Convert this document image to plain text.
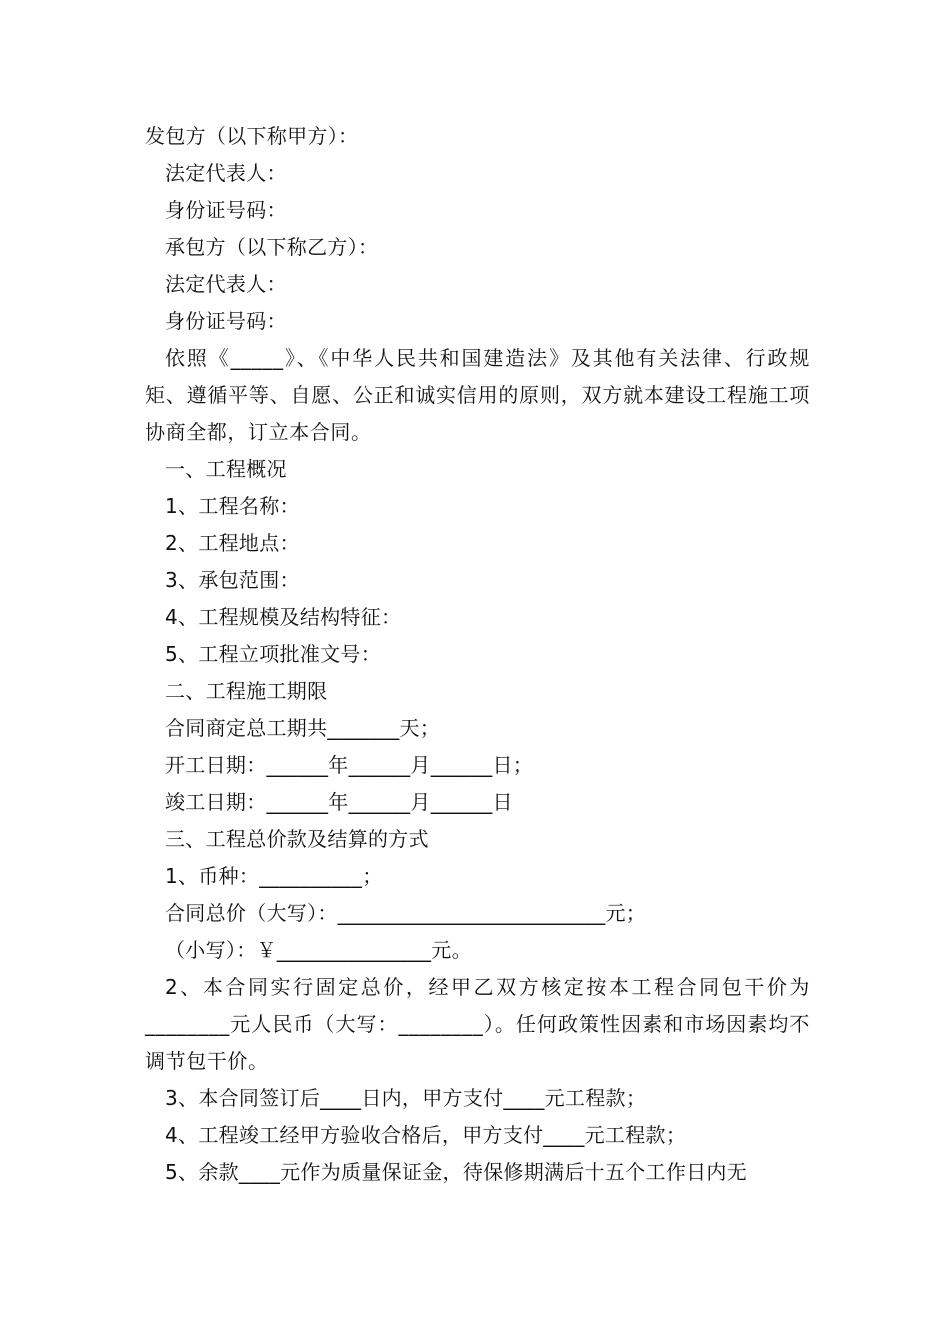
发包方（以下称甲方）：
法定代表人：
身份证号码：
承包方（以下称乙方）：
法定代表人：
身份证号码：
依照《_____》、《中华人民共和国建造法》及其他有关法律、行政规矩、遵循平等、自愿、公正和诚实信用的原则，双方就本建设工程施工项协商全都，订立本合同。
一、工程概况
1、工程名称：
2、工程地点：
3、承包范围：
4、工程规模及结构特征：
5、工程立项批准文号：
二、工程施工期限
合同商定总工期共_______天；
开工日期：______年______月______日；
竣工日期：______年______月______日
三、工程总价款及结算的方式
1、币种：__________；
合同总价（大写）：__________________________元；
（小写）：￥_______________元。
2、本合同实行固定总价，经甲乙双方核定按本工程合同包干价为________元人民币（大写：________）。任何政策性因素和市场因素均不调节包干价。
3、本合同签订后____日内，甲方支付____元工程款；
4、工程竣工经甲方验收合格后，甲方支付____元工程款；
5、余款____元作为质量保证金，待保修期满后十五个工作日内无
